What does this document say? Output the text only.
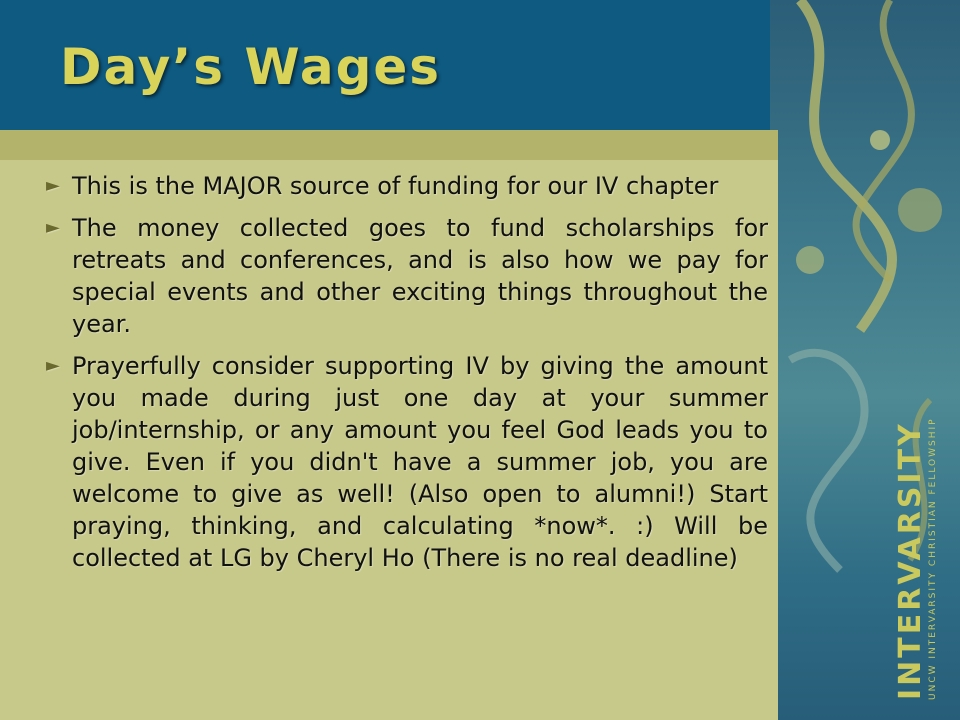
Day’s Wages
► This is the MAJOR source of funding for our IV chapter
► The money collected goes to fund scholarships for retreats and conferences, and is also how we pay for special events and other exciting things throughout the year.
► Prayerfully consider supporting IV by giving the amount you made during just one day at your summer job/internship, or any amount you feel God leads you to give. Even if you didn't have a summer job, you are welcome to give as well! (Also open to alumni!) Start praying, thinking, and calculating *now*. :) Will be collected at LG by Cheryl Ho (There is no real deadline)	INTERVARSITY UNCW INTERVARSITY CHRISTIAN FELLOWSHIP
